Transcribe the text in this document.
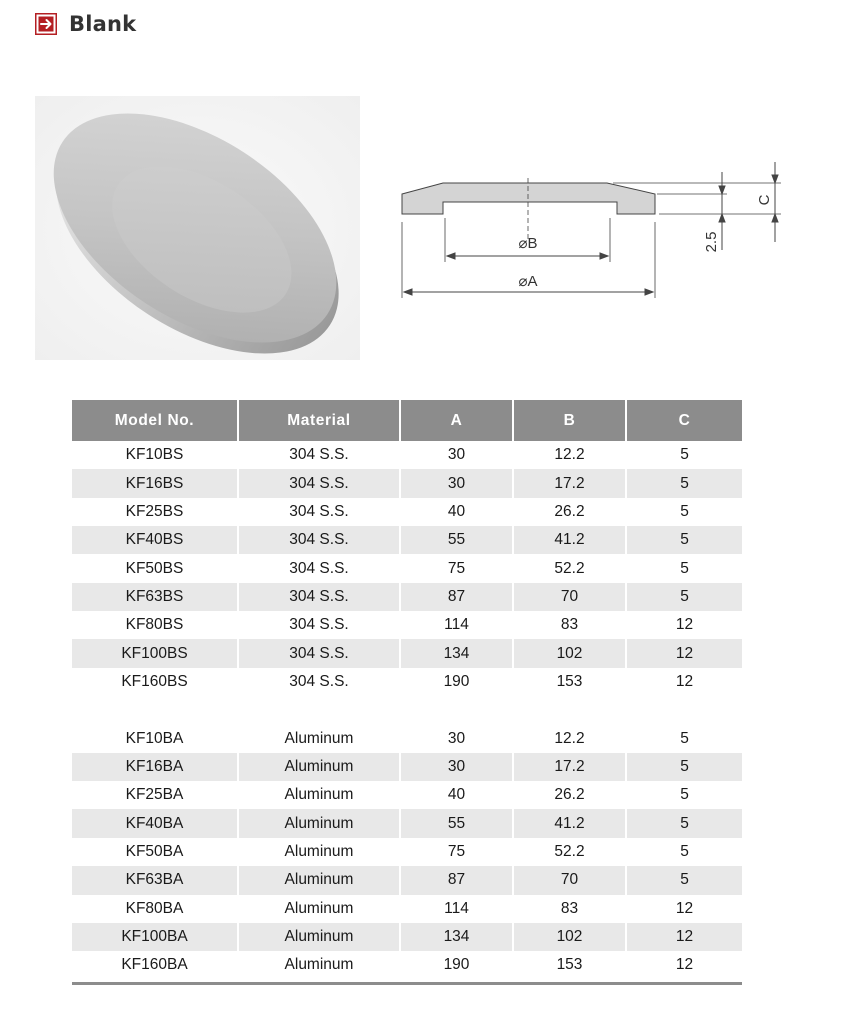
Blank
⌀B
⌀A
C
2.5
Model No.	Material	A	B	C
KF10BS	304 S.S.	30	12.2	5
KF16BS	304 S.S.	30	17.2	5
KF25BS	304 S.S.	40	26.2	5
KF40BS	304 S.S.	55	41.2	5
KF50BS	304 S.S.	75	52.2	5
KF63BS	304 S.S.	87	70	5
KF80BS	304 S.S.	114	83	12
KF100BS	304 S.S.	134	102	12
KF160BS	304 S.S.	190	153	12

KF10BA	Aluminum	30	12.2	5
KF16BA	Aluminum	30	17.2	5
KF25BA	Aluminum	40	26.2	5
KF40BA	Aluminum	55	41.2	5
KF50BA	Aluminum	75	52.2	5
KF63BA	Aluminum	87	70	5
KF80BA	Aluminum	114	83	12
KF100BA	Aluminum	134	102	12
KF160BA	Aluminum	190	153	12
